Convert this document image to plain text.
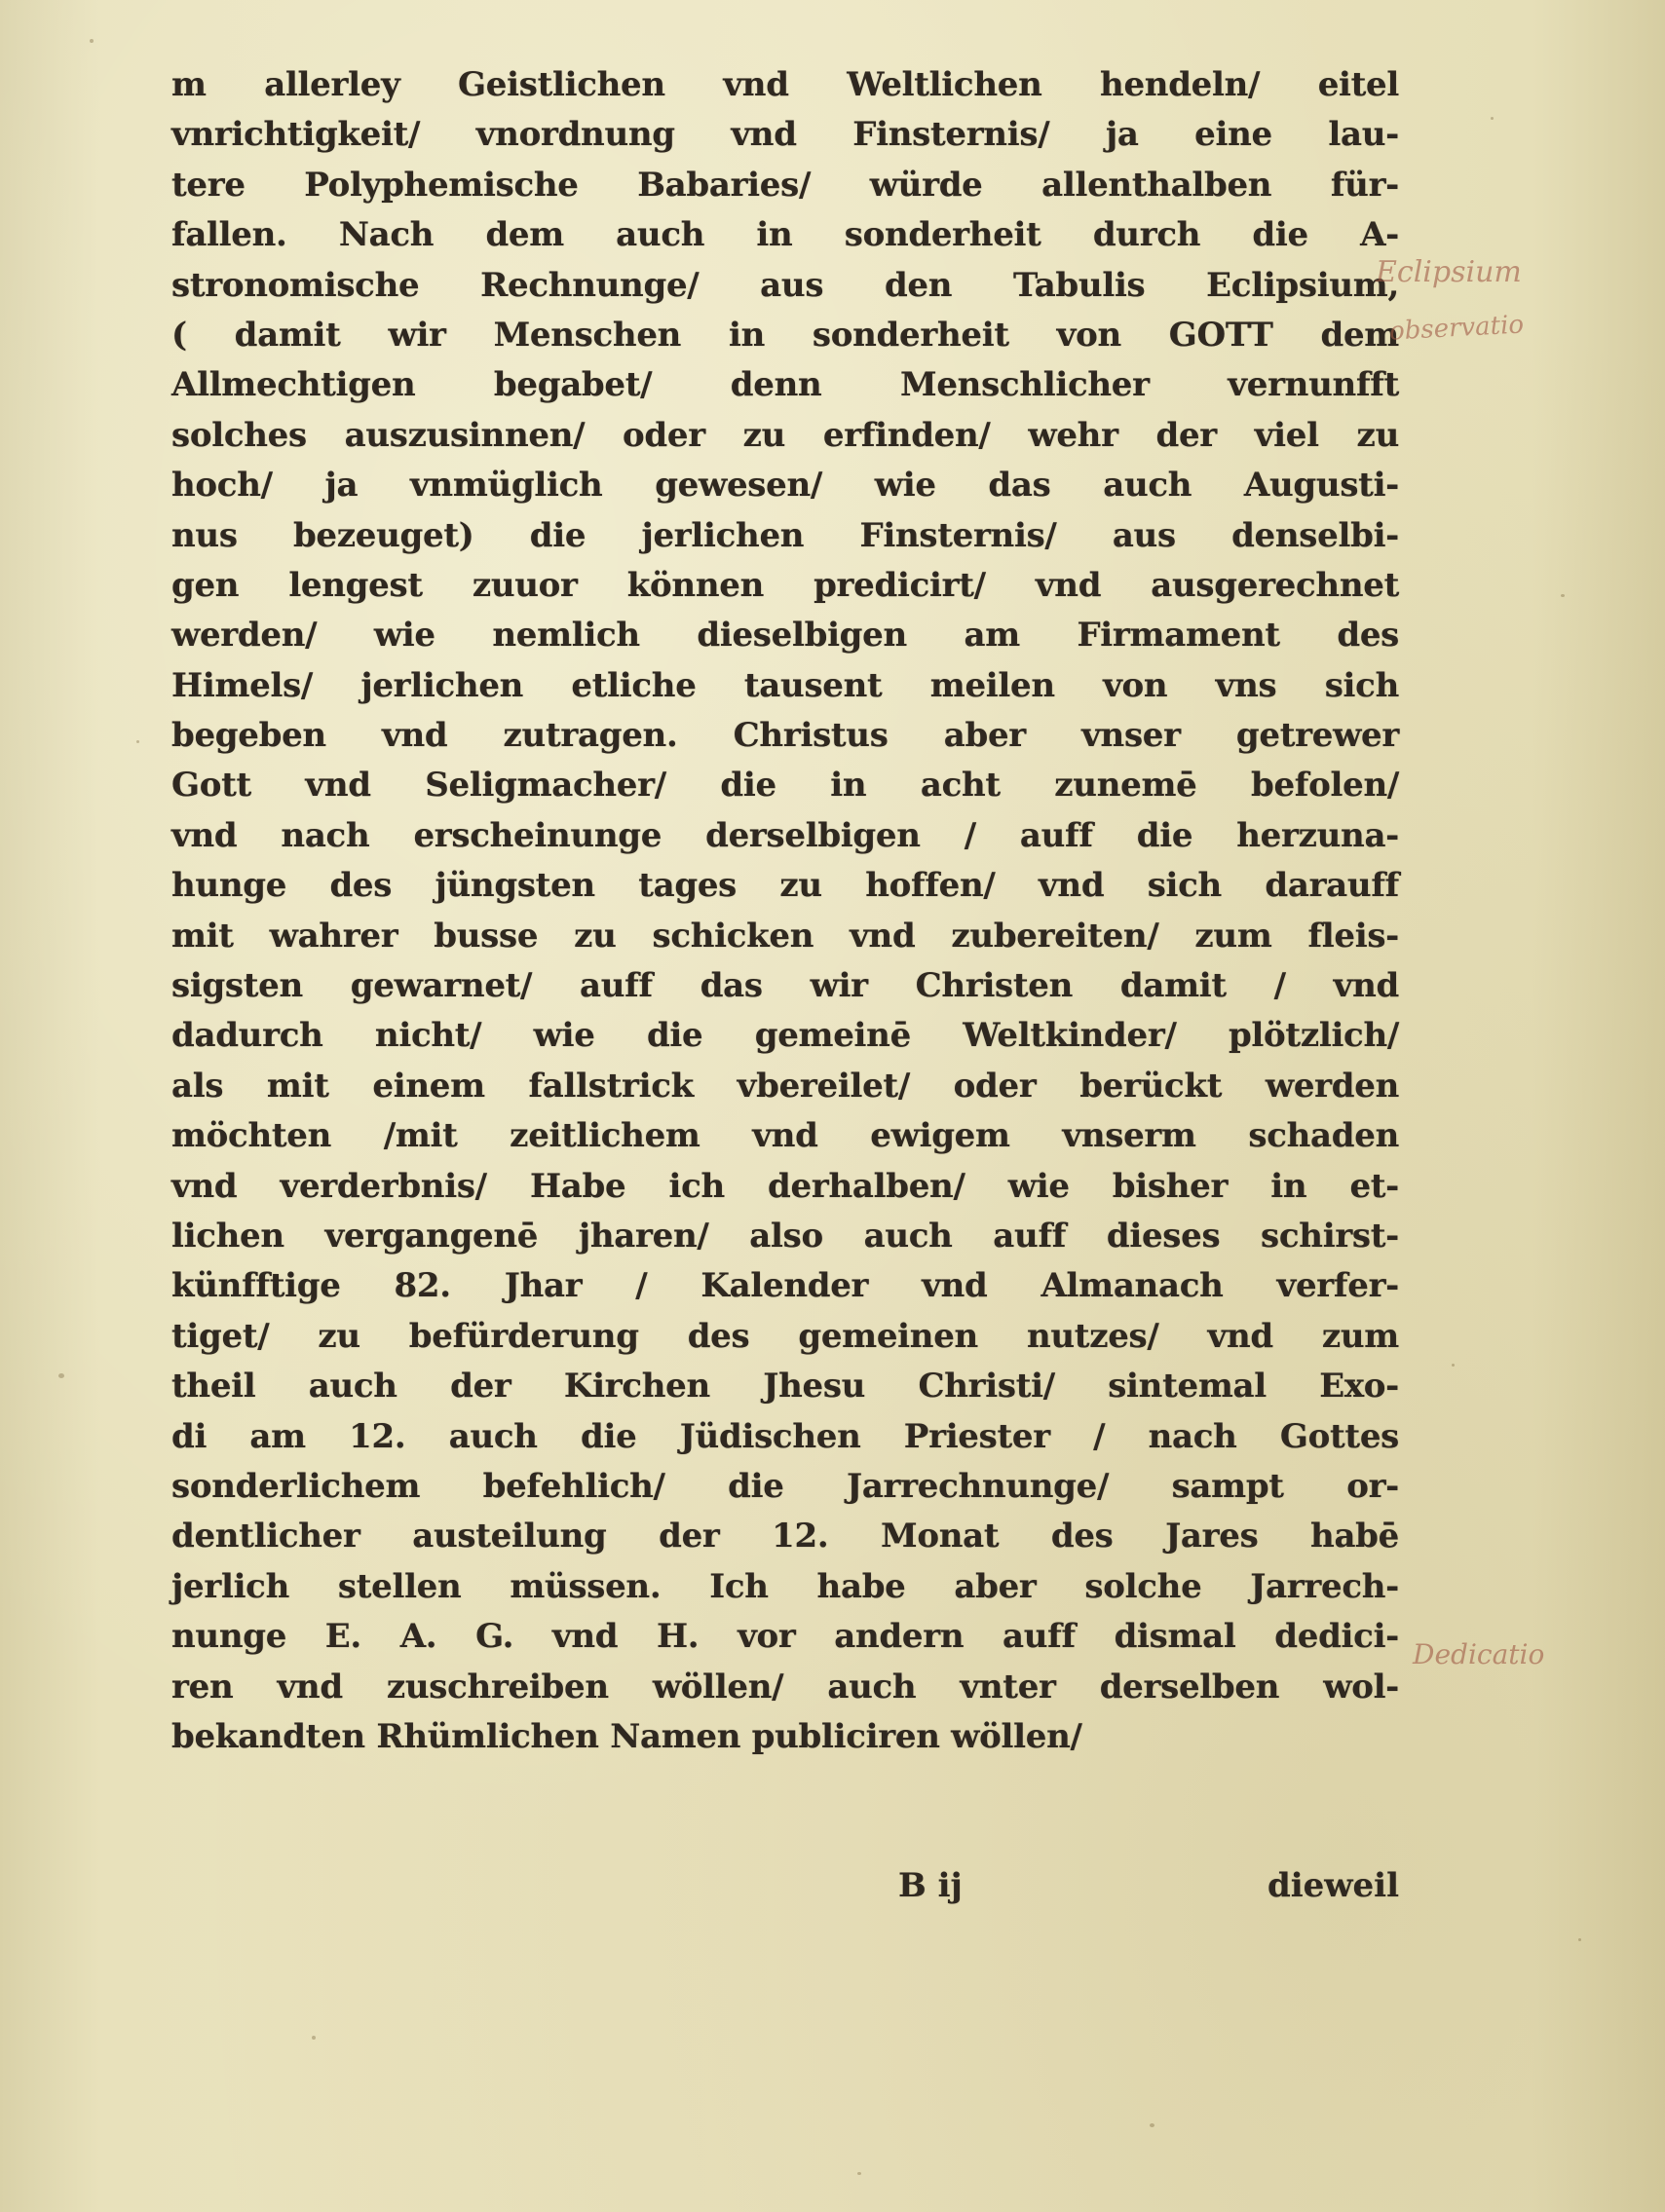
m allerley Geistlichen vnd Weltlichen hendeln/ eitel
vnrichtigkeit/ vnordnung vnd Finsternis/ ja eine lau-
tere Polyphemische Babaries/ würde allenthalben für-
fallen. Nach dem auch in sonderheit durch die A-
stronomische Rechnunge/ aus den Tabulis Eclipsium,
( damit wir Menschen in sonderheit von GOTT dem
Allmechtigen begabet/ denn Menschlicher vernunfft
solches auszusinnen/ oder zu erfinden/ wehr der viel zu
hoch/ ja vnmüglich gewesen/ wie das auch Augusti-
nus bezeuget) die jerlichen Finsternis/ aus denselbi-
gen lengest zuuor können predicirt/ vnd ausgerechnet
werden/ wie nemlich dieselbigen am Firmament des
Himels/ jerlichen etliche tausent meilen von vns sich
begeben vnd zutragen. Christus aber vnser getrewer
Gott vnd Seligmacher/ die in acht zunemē befolen/
vnd nach erscheinunge derselbigen / auff die herzuna-
hunge des jüngsten tages zu hoffen/ vnd sich darauff
mit wahrer busse zu schicken vnd zubereiten/ zum fleis-
sigsten gewarnet/ auff das wir Christen damit / vnd
dadurch nicht/ wie die gemeinē Weltkinder/ plötzlich/
als mit einem fallstrick vbereilet/ oder berückt werden
möchten /mit zeitlichem vnd ewigem vnserm schaden
vnd verderbnis/ Habe ich derhalben/ wie bisher in et-
lichen vergangenē jharen/ also auch auff dieses schirst-
künfftige 82. Jhar / Kalender vnd Almanach verfer-
tiget/ zu befürderung des gemeinen nutzes/ vnd zum
theil auch der Kirchen Jhesu Christi/ sintemal Exo-
di am 12. auch die Jüdischen Priester / nach Gottes
sonderlichem befehlich/ die Jarrechnunge/ sampt or-
dentlicher austeilung der 12. Monat des Jares habē
jerlich stellen müssen. Ich habe aber solche Jarrech-
nunge E. A. G. vnd H. vor andern auff dismal dedici-
ren vnd zuschreiben wöllen/ auch vnter derselben wol-
bekandten Rhümlichen Namen publiciren wöllen/
B ij	dieweil
Eclipsium
observatio
Dedicatio
